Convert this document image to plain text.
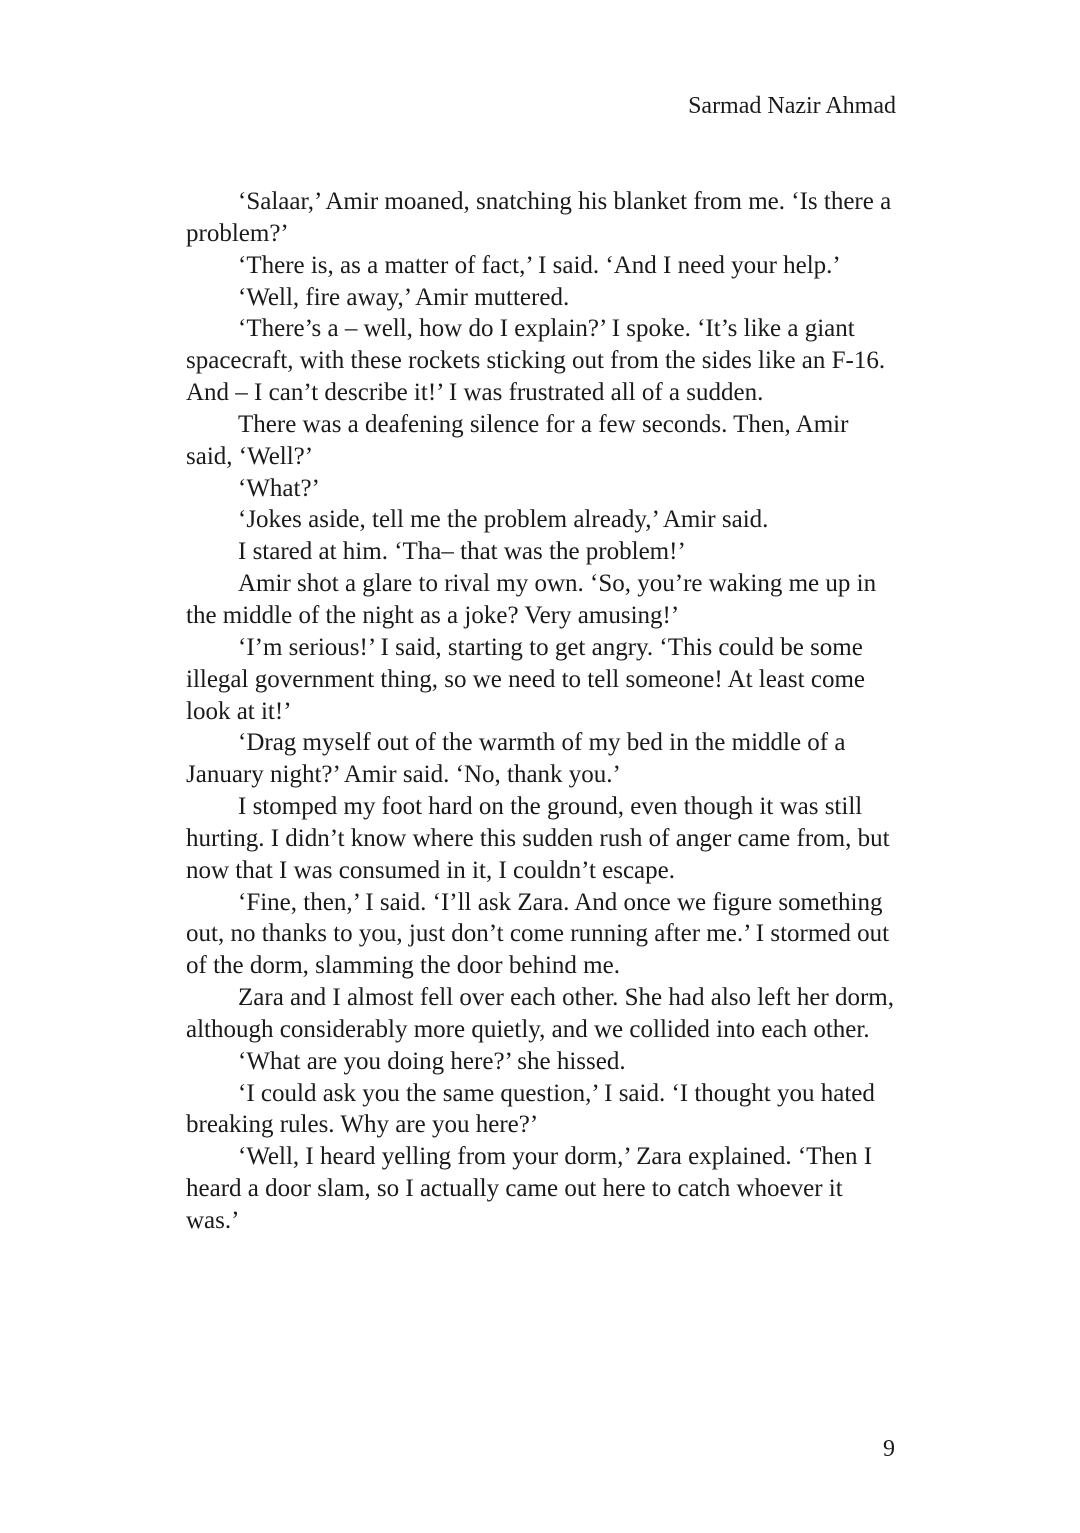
Sarmad Nazir Ahmad

‘Salaar,’ Amir moaned, snatching his blanket from me. ‘Is there a problem?’

‘There is, as a matter of fact,’ I said. ‘And I need your help.’

‘Well, fire away,’ Amir muttered.

‘There’s a – well, how do I explain?’ I spoke. ‘It’s like a giant spacecraft, with these rockets sticking out from the sides like an F-16. And – I can’t describe it!’ I was frustrated all of a sudden.

There was a deafening silence for a few seconds. Then, Amir said, ‘Well?’

‘What?’

‘Jokes aside, tell me the problem already,’ Amir said.

I stared at him. ‘Tha– that was the problem!’

Amir shot a glare to rival my own. ‘So, you’re waking me up in the middle of the night as a joke? Very amusing!’

‘I’m serious!’ I said, starting to get angry. ‘This could be some illegal government thing, so we need to tell someone! At least come look at it!’

‘Drag myself out of the warmth of my bed in the middle of a January night?’ Amir said. ‘No, thank you.’

I stomped my foot hard on the ground, even though it was still hurting. I didn’t know where this sudden rush of anger came from, but now that I was consumed in it, I couldn’t escape.

‘Fine, then,’ I said. ‘I’ll ask Zara. And once we figure something out, no thanks to you, just don’t come running after me.’ I stormed out of the dorm, slamming the door behind me.

Zara and I almost fell over each other. She had also left her dorm, although considerably more quietly, and we collided into each other.

‘What are you doing here?’ she hissed.

‘I could ask you the same question,’ I said. ‘I thought you hated breaking rules. Why are you here?’

‘Well, I heard yelling from your dorm,’ Zara explained. ‘Then I heard a door slam, so I actually came out here to catch whoever it was.’

9
